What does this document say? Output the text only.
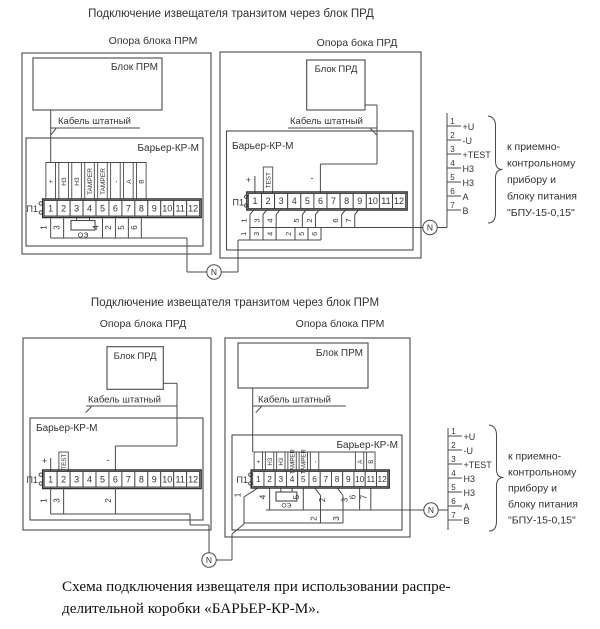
Подключение извещателя транзитом через блок ПРД
Опора блока ПРМ	Опора бока ПРД
Блок ПРМ
Кабель штатный
Барьер-КР-М
П1
ОЭ
N
Блок ПРД
Кабель штатный
Барьер-КР-М
-
TEST
+
П1
N
к приемно-
контрольному
прибору и
блоку питания
"БПУ-15-0,15"
Подключение извещателя транзитом через блок ПРМ
Опора блока ПРД	Опора блока ПРМ
Блок ПРД
Кабель штатный
Барьер-КР-М
-
TEST
+
П1
N
Блок ПРМ
Кабель штатный
Барьер-КР-М
П1
1 4
ОЭ
5
2 3
6 7
2 3
N
к приемно-
контрольному
прибору и
блоку питания
"БПУ-15-0,15"
1 2 3 4 5 6 7 8 9 10 11 12
1 2 3 4 5 6 7 8 9 10 11 12
1 2 3 4 5 6 7 8 9 10 11 12	1 2 3 4 5 6 7 8 9 10 11 12
+ Н3 Н3 TAMPER TAMPER - А В
+ Н3 Н3 TAMPER TAMPER -	А В
1 3	4 2 5 6
1 3	2
1 3 4 5 2 6 7
1 3 4 2 5 6
1
+U
2
-U
3
+TEST
4
Н3
5
Н3
6
А
7
В
1
+U
2
-U
3
+TEST
4
Н3
5
Н3
6
А
7
В
Схема подключения извещателя при использовании распре-
делительной коробки «БАРЬЕР-КР-М».
